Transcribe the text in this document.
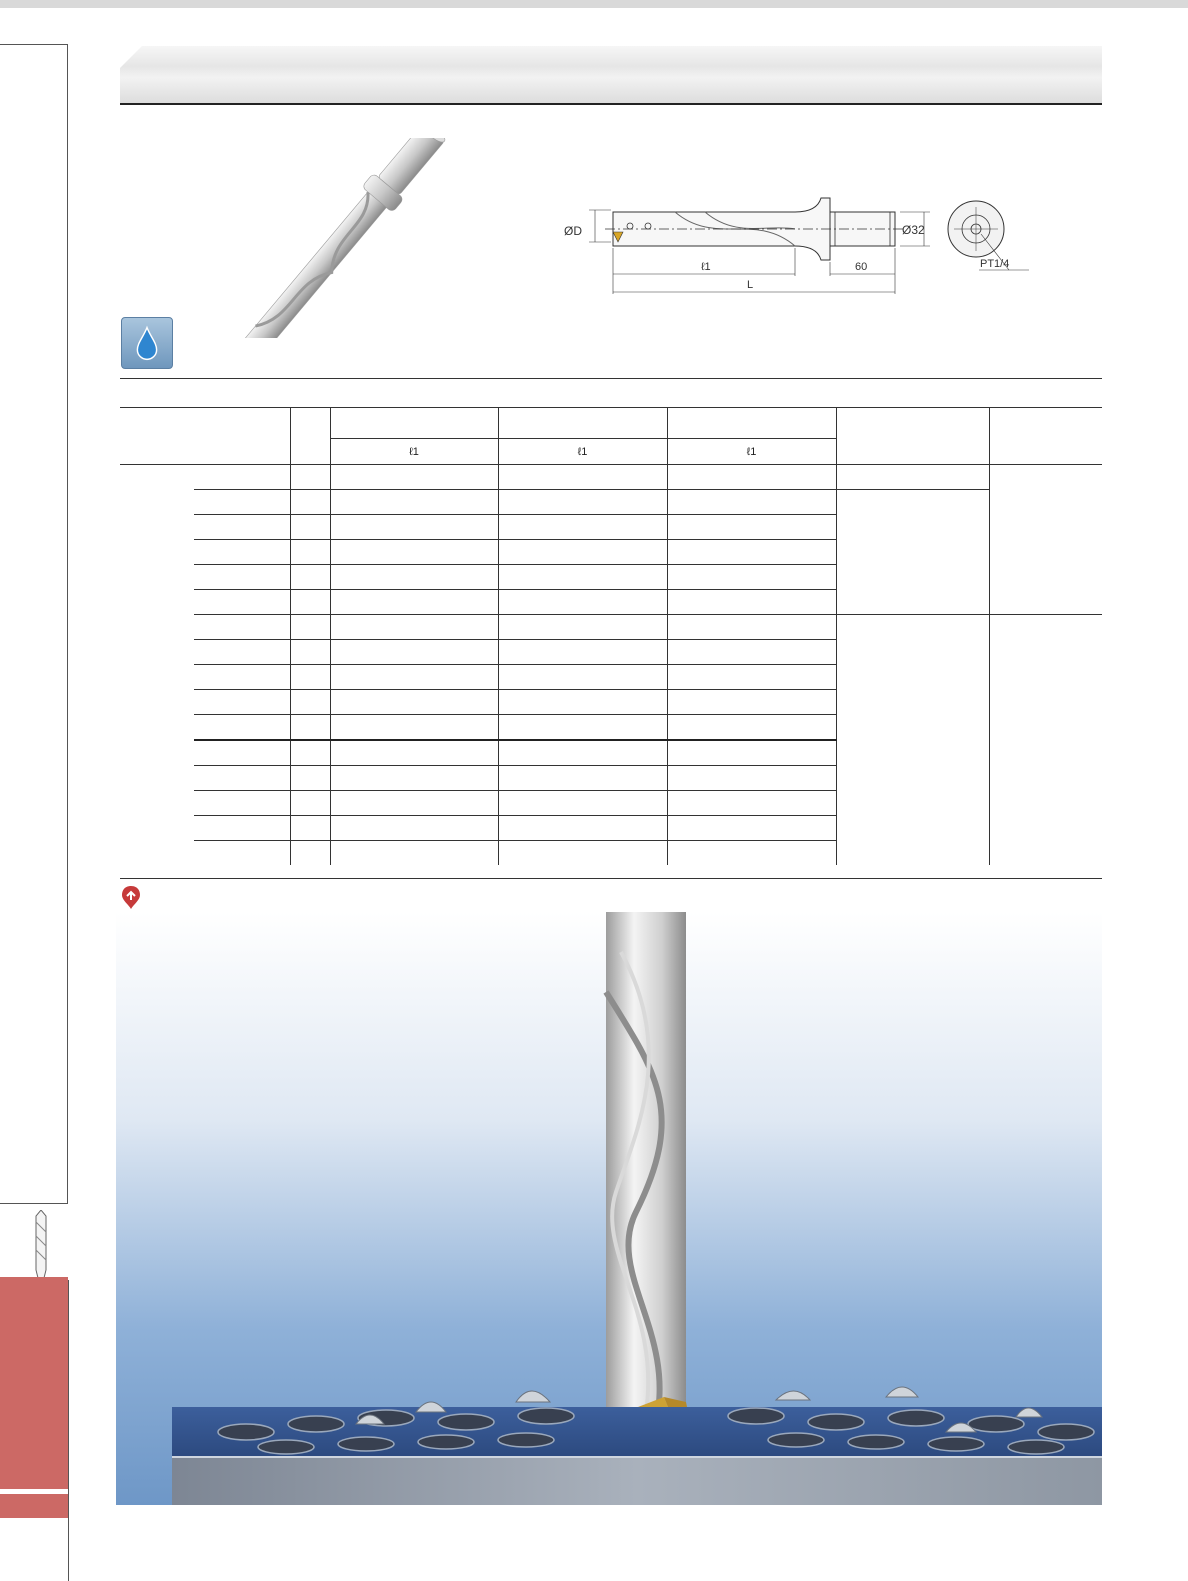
ØD	Ø32
ℓ1	60
L
PT1/4

			ℓ1	ℓ1	ℓ1		
